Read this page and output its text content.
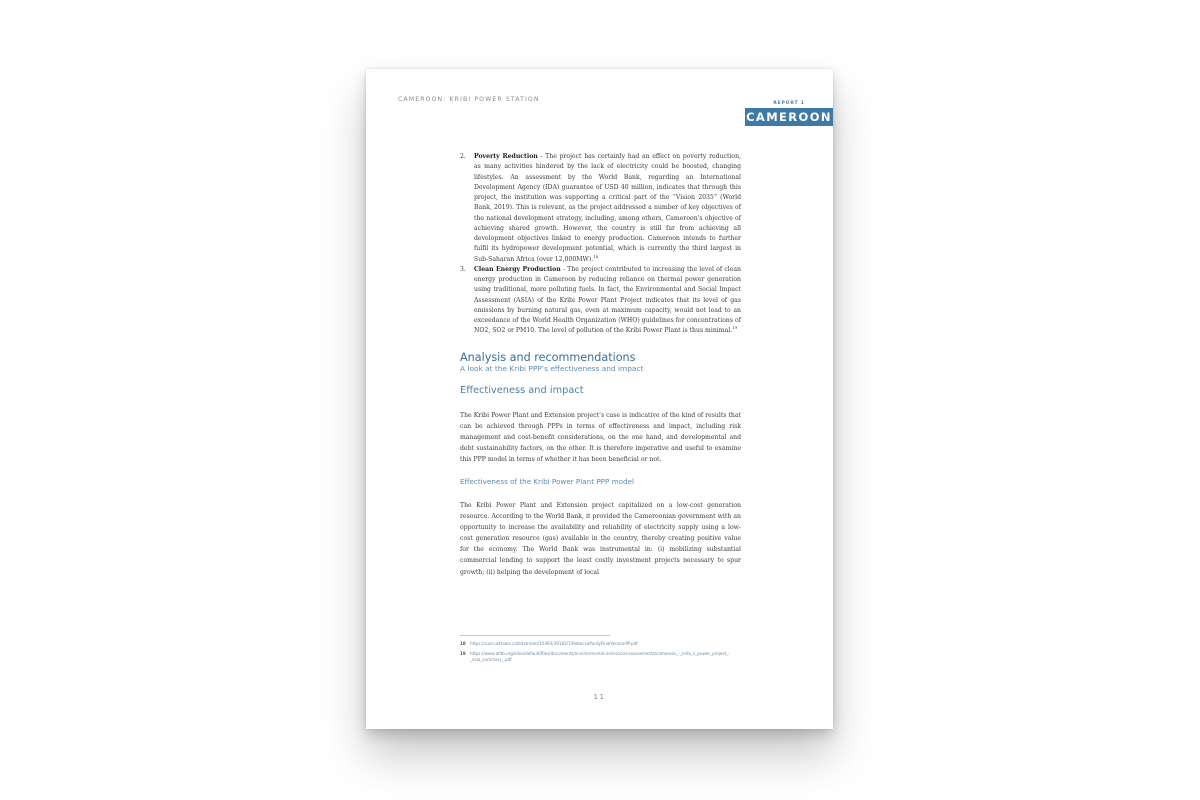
CAMEROON: KRIBI POWER STATION
REPORT 1
CAMEROON
2. Poverty Reduction - The project has certainly had an effect on poverty reduction, as many activities hindered by the lack of electricity could be boosted, changing lifestyles. An assessment by the World Bank, regarding an International Development Agency (IDA) guarantee of USD 40 million, indicates that through this project, the institution was supporting a critical part of the “Vision 2035” (World Bank, 2019). This is relevant, as the project addressed a number of key objectives of the national development strategy, including, among others, Cameroon's objective of achieving shared growth. However, the country is still far from achieving all development objectives linked to energy production. Cameroon intends to further fulfil its hydropower development potential, which is currently the third largest in Sub-Saharan Africa (over 12,000MW).$^{18}$
3. Clean Energy Production - The project contributed to increasing the level of clean energy production in Cameroon by reducing reliance on thermal power generation using traditional, more polluting fuels. In fact, the Environmental and Social Impact Assessment (ASIA) of the Kribi Power Plant Project indicates that its level of gas emissions by burning natural gas, even at maximum capacity, would not lead to an exceedance of the World Health Organization (WHO) guidelines for concentrations of NO2, SO2 or PM10. The level of pollution of the Kribi Power Plant is thus minimal.$^{19}$
Analysis and recommendations
A look at the Kribi PPP’s effectiveness and impact
Effectiveness and impact
The Kribi Power Plant and Extension project’s case is indicative of the kind of results that can be achieved through PPPs in terms of effectiveness and impact, including risk management and cost-benefit considerations, on the one hand, and developmental and debt sustainability factors, on the other. It is therefore imperative and useful to examine this PPP model in terms of whether it has been beneficial or not.
Effectiveness of the Kribi Power Plant PPP model
The Kribi Power Plant and Extension project capitalized on a low-cost generation resource. According to the World Bank, it provided the Cameroonian government with an opportunity to increase the availability and reliability of electricity supply using a low-cost generation resource (gas) available in the country, thereby creating positive value for the economy. The World Bank was instrumental in: (i) mobilizing substantial commercial lending to support the least costly investment projects necessary to spur growth; (ii) helping the development of local
18 https://ruor.uottawa.ca/bitstream/10393/39182/1/RebeccaPurdyFinalVersionPP.pdf
19 https://www.afdb.org/sites/default/files/documents/environmental-and-social-assessments/cameroon_-_kribi_ii_power_project_-_esia_summary_.pdf
11
